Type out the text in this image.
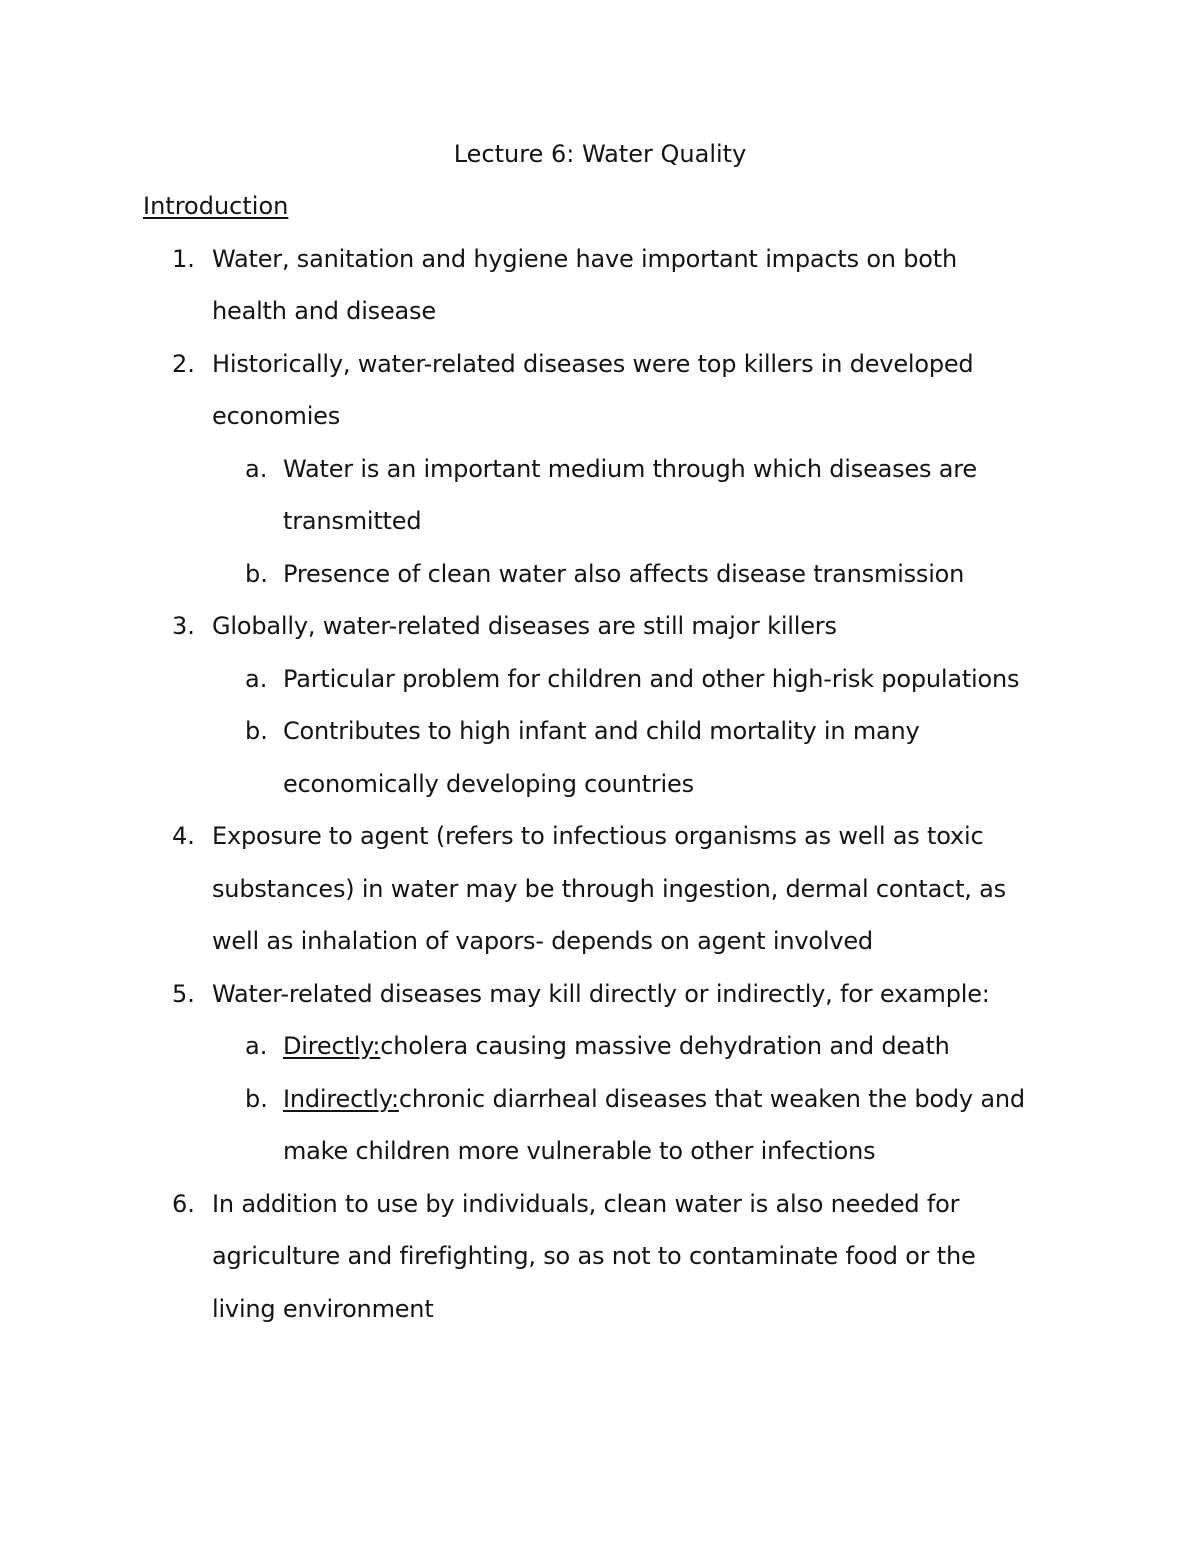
Lecture 6: Water Quality
Introduction
1. Water, sanitation and hygiene have important impacts on both
health and disease
2. Historically, water-related diseases were top killers in developed
economies
a. Water is an important medium through which diseases are
transmitted
b. Presence of clean water also affects disease transmission
3. Globally, water-related diseases are still major killers
a. Particular problem for children and other high-risk populations
b. Contributes to high infant and child mortality in many
economically developing countries
4. Exposure to agent (refers to infectious organisms as well as toxic
substances) in water may be through ingestion, dermal contact, as
well as inhalation of vapors- depends on agent involved
5. Water-related diseases may kill directly or indirectly, for example:
a. Directly:cholera causing massive dehydration and death
b. Indirectly:chronic diarrheal diseases that weaken the body and
make children more vulnerable to other infections
6. In addition to use by individuals, clean water is also needed for
agriculture and firefighting, so as not to contaminate food or the
living environment
